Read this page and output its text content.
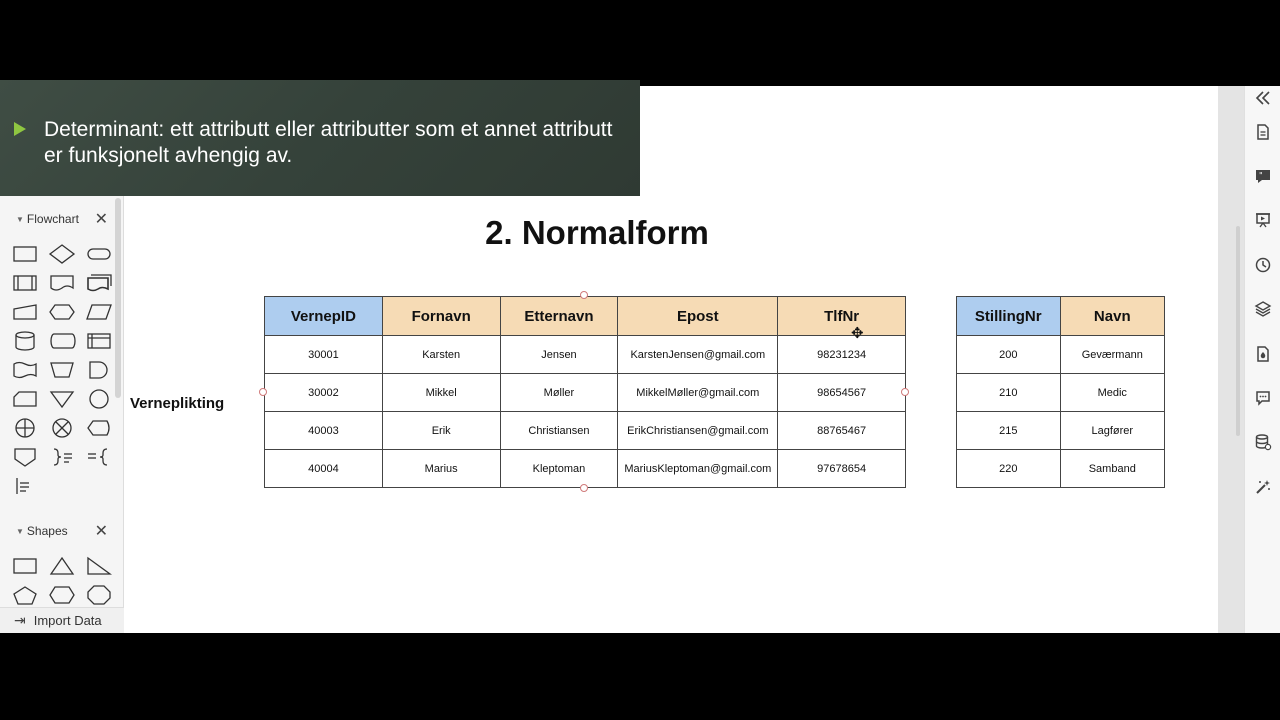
2. Normalform
Verneplikting
VernepID	Fornavn	Etternavn	Epost	TlfNr
30001	Karsten	Jensen	KarstenJensen@gmail.com	98231234
30002	Mikkel	Møller	MikkelMøller@gmail.com	98654567
40003	Erik	Christiansen	ErikChristiansen@gmail.com	88765467
40004	Marius	Kleptoman	MariusKleptoman@gmail.com	97678654
✥
StillingNr	Navn
200	Geværmann
210	Medic
215	Lagfører
220	Samband
▼ Flowchart ✕
▼ Shapes ✕
⇥ Import Data
"
Determinant: ett attributt eller attributter som et annet attributt er funksjonelt avhengig av.
